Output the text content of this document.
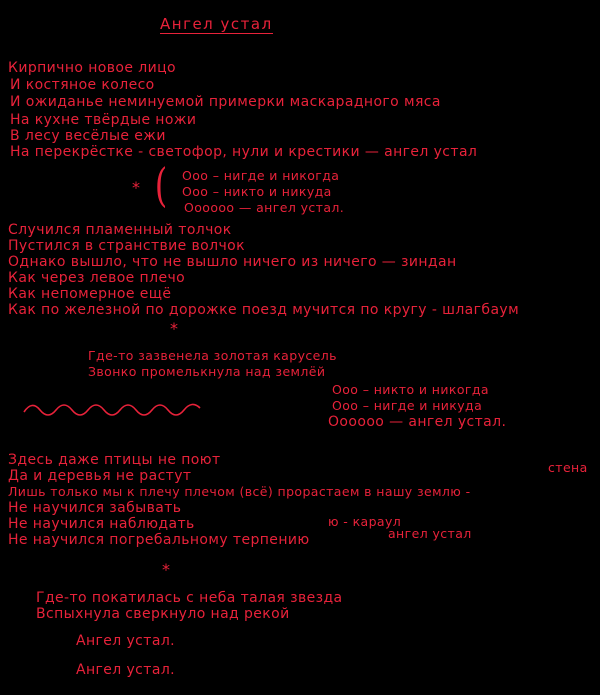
Ангел устал
Кирпично новое лицо
И костяное колесо
И ожиданье неминуемой примерки маскарадного мяса
На кухне твёрдые ножи
В лесу весёлые ежи
На перекрёстке - светофор, нули и крестики — ангел устал
* ( Ооо – нигде и никогда
Ооо – никто и никуда
Оооооо — ангел устал.
Случился пламенный толчок
Пустился в странствие волчок
Однако вышло, что не вышло ничего из ничего — зиндан
Как через левое плечо
Как непомерное ещё
Как по железной по дорожке поезд мучится по кругу - шлагбаум
*
Где-то зазвенела золотая карусель
Звонко промелькнула над землёй
Ооо – никто и никогда
Ооо – нигде и никуда
Оооооо — ангел устал.
Здесь даже птицы не поют
Да и деревья не растут
Лишь только мы к плечу плечом (всё) прорастаем в нашу землю -
Не научился забывать
Не научился наблюдать
Не научился погребальному терпению
стена
ю - караул
ангел устал
*
Где-то покатилась с неба талая звезда
Вспыхнула сверкнуло над рекой
Ангел устал.
Ангел устал.
